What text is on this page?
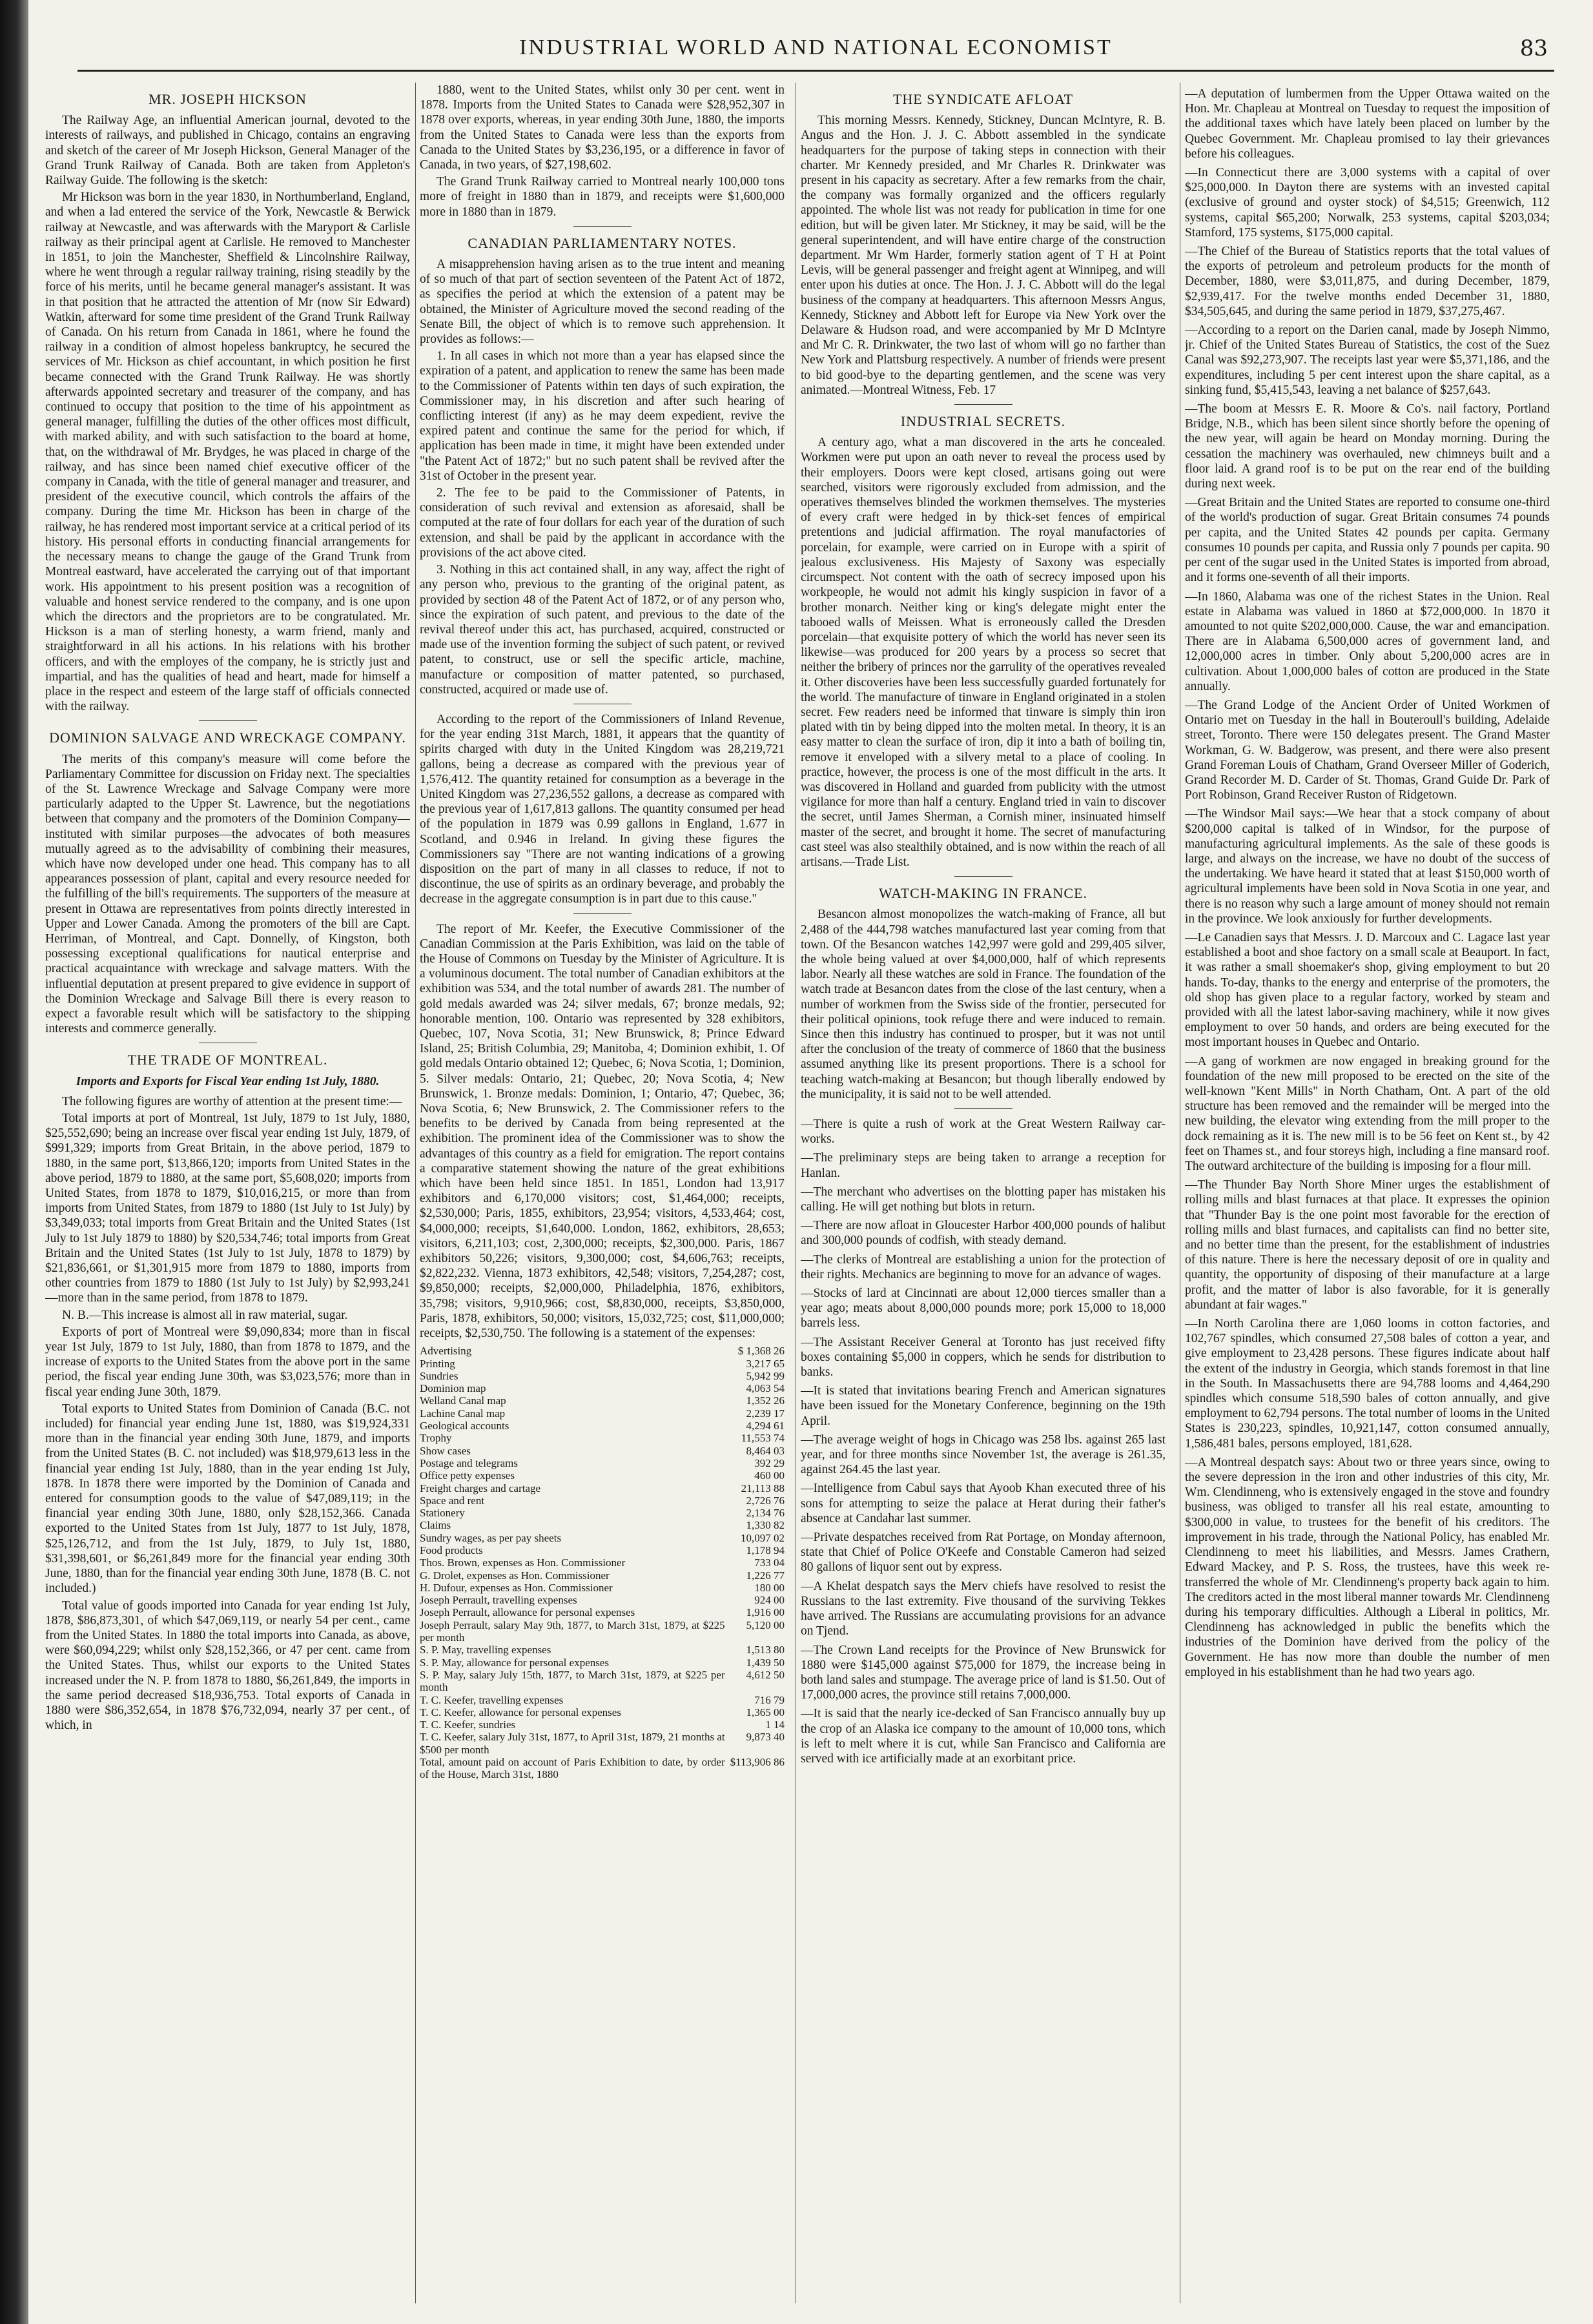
INDUSTRIAL WORLD AND NATIONAL ECONOMIST	83
MR. JOSEPH HICKSON

The Railway Age, an influential American journal, devoted to the interests of railways, and published in Chicago, contains an engraving and sketch of the career of Mr Joseph Hickson, General Manager of the Grand Trunk Railway of Canada. Both are taken from Appleton's Railway Guide. The following is the sketch:

Mr Hickson was born in the year 1830, in Northumberland, England, and when a lad entered the service of the York, Newcastle & Berwick railway at Newcastle, and was afterwards with the Maryport & Carlisle railway as their principal agent at Carlisle. He removed to Manchester in 1851, to join the Manchester, Sheffield & Lincolnshire Railway, where he went through a regular railway training, rising steadily by the force of his merits, until he became general manager's assistant. It was in that position that he attracted the attention of Mr (now Sir Edward) Watkin, afterward for some time president of the Grand Trunk Railway of Canada. On his return from Canada in 1861, where he found the railway in a condition of almost hopeless bankruptcy, he secured the services of Mr. Hickson as chief accountant, in which position he first became connected with the Grand Trunk Railway. He was shortly afterwards appointed secretary and treasurer of the company, and has continued to occupy that position to the time of his appointment as general manager, fulfilling the duties of the other offices most difficult, with marked ability, and with such satisfaction to the board at home, that, on the withdrawal of Mr. Brydges, he was placed in charge of the railway, and has since been named chief executive officer of the company in Canada, with the title of general manager and treasurer, and president of the executive council, which controls the affairs of the company. During the time Mr. Hickson has been in charge of the railway, he has rendered most important service at a critical period of its history. His personal efforts in conducting financial arrangements for the necessary means to change the gauge of the Grand Trunk from Montreal eastward, have accelerated the carrying out of that important work. His appointment to his present position was a recognition of valuable and honest service rendered to the company, and is one upon which the directors and the proprietors are to be congratulated. Mr. Hickson is a man of sterling honesty, a warm friend, manly and straightforward in all his actions. In his relations with his brother officers, and with the employes of the company, he is strictly just and impartial, and has the qualities of head and heart, made for himself a place in the respect and esteem of the large staff of officials connected with the railway.

DOMINION SALVAGE AND WRECKAGE COMPANY.

The merits of this company's measure will come before the Parliamentary Committee for discussion on Friday next. The specialties of the St. Lawrence Wreckage and Salvage Company were more particularly adapted to the Upper St. Lawrence, but the negotiations between that company and the promoters of the Dominion Company—instituted with similar purposes—the advocates of both measures mutually agreed as to the advisability of combining their measures, which have now developed under one head. This company has to all appearances possession of plant, capital and every resource needed for the fulfilling of the bill's requirements. The supporters of the measure at present in Ottawa are representatives from points directly interested in Upper and Lower Canada. Among the promoters of the bill are Capt. Herriman, of Montreal, and Capt. Donnelly, of Kingston, both possessing exceptional qualifications for nautical enterprise and practical acquaintance with wreckage and salvage matters. With the influential deputation at present prepared to give evidence in support of the Dominion Wreckage and Salvage Bill there is every reason to expect a favorable result which will be satisfactory to the shipping interests and commerce generally.

THE TRADE OF MONTREAL.
Imports and Exports for Fiscal Year ending 1st July, 1880.

The following figures are worthy of attention at the present time:—

Total imports at port of Montreal, 1st July, 1879 to 1st July, 1880, $25,552,690; being an increase over fiscal year ending 1st July, 1879, of $991,329; imports from Great Britain, in the above period, 1879 to 1880, in the same port, $13,866,120; imports from United States in the above period, 1879 to 1880, at the same port, $5,608,020; imports from United States, from 1878 to 1879, $10,016,215, or more than from imports from United States, from 1879 to 1880 (1st July to 1st July) by $3,349,033; total imports from Great Britain and the United States (1st July to 1st July 1879 to 1880) by $20,534,746; total imports from Great Britain and the United States (1st July to 1st July, 1878 to 1879) by $21,836,661, or $1,301,915 more from 1879 to 1880, imports from other countries from 1879 to 1880 (1st July to 1st July) by $2,993,241—more than in the same period, from 1878 to 1879.

N. B.—This increase is almost all in raw material, sugar.

Exports of port of Montreal were $9,090,834; more than in fiscal year 1st July, 1879 to 1st July, 1880, than from 1878 to 1879, and the increase of exports to the United States from the above port in the same period, the fiscal year ending June 30th, was $3,023,576; more than in fiscal year ending June 30th, 1879.

Total exports to United States from Dominion of Canada (B.C. not included) for financial year ending June 1st, 1880, was $19,924,331 more than in the financial year ending 30th June, 1879, and imports from the United States (B. C. not included) was $18,979,613 less in the financial year ending 1st July, 1880, than in the year ending 1st July, 1878. In 1878 there were imported by the Dominion of Canada and entered for consumption goods to the value of $47,089,119; in the financial year ending 30th June, 1880, only $28,152,366. Canada exported to the United States from 1st July, 1877 to 1st July, 1878, $25,126,712, and from the 1st July, 1879, to July 1st, 1880, $31,398,601, or $6,261,849 more for the financial year ending 30th June, 1880, than for the financial year ending 30th June, 1878 (B. C. not included.)

Total value of goods imported into Canada for year ending 1st July, 1878, $86,873,301, of which $47,069,119, or nearly 54 per cent., came from the United States. In 1880 the total imports into Canada, as above, were $60,094,229; whilst only $28,152,366, or 47 per cent. came from the United States. Thus, whilst our exports to the United States increased under the N. P. from 1878 to 1880, $6,261,849, the imports in the same period decreased $18,936,753. Total exports of Canada in 1880 were $86,352,654, in 1878 $76,732,094, nearly 37 per cent., of which, in

1880, went to the United States, whilst only 30 per cent. went in 1878. Imports from the United States to Canada were $28,952,307 in 1878 over exports, whereas, in year ending 30th June, 1880, the imports from the United States to Canada were less than the exports from Canada to the United States by $3,236,195, or a difference in favor of Canada, in two years, of $27,198,602.

The Grand Trunk Railway carried to Montreal nearly 100,000 tons more of freight in 1880 than in 1879, and receipts were $1,600,000 more in 1880 than in 1879.

CANADIAN PARLIAMENTARY NOTES.

A misapprehension having arisen as to the true intent and meaning of so much of that part of section seventeen of the Patent Act of 1872, as specifies the period at which the extension of a patent may be obtained, the Minister of Agriculture moved the second reading of the Senate Bill, the object of which is to remove such apprehension. It provides as follows:—

1. In all cases in which not more than a year has elapsed since the expiration of a patent, and application to renew the same has been made to the Commissioner of Patents within ten days of such expiration, the Commissioner may, in his discretion and after such hearing of conflicting interest (if any) as he may deem expedient, revive the expired patent and continue the same for the period for which, if application has been made in time, it might have been extended under "the Patent Act of 1872;" but no such patent shall be revived after the 31st of October in the present year.

2. The fee to be paid to the Commissioner of Patents, in consideration of such revival and extension as aforesaid, shall be computed at the rate of four dollars for each year of the duration of such extension, and shall be paid by the applicant in accordance with the provisions of the act above cited.

3. Nothing in this act contained shall, in any way, affect the right of any person who, previous to the granting of the original patent, as provided by section 48 of the Patent Act of 1872, or of any person who, since the expiration of such patent, and previous to the date of the revival thereof under this act, has purchased, acquired, constructed or made use of the invention forming the subject of such patent, or revived patent, to construct, use or sell the specific article, machine, manufacture or composition of matter patented, so purchased, constructed, acquired or made use of.

According to the report of the Commissioners of Inland Revenue, for the year ending 31st March, 1881, it appears that the quantity of spirits charged with duty in the United Kingdom was 28,219,721 gallons, being a decrease as compared with the previous year of 1,576,412. The quantity retained for consumption as a beverage in the United Kingdom was 27,236,552 gallons, a decrease as compared with the previous year of 1,617,813 gallons. The quantity consumed per head of the population in 1879 was 0.99 gallons in England, 1.677 in Scotland, and 0.946 in Ireland. In giving these figures the Commissioners say "There are not wanting indications of a growing disposition on the part of many in all classes to reduce, if not to discontinue, the use of spirits as an ordinary beverage, and probably the decrease in the aggregate consumption is in part due to this cause."

The report of Mr. Keefer, the Executive Commissioner of the Canadian Commission at the Paris Exhibition, was laid on the table of the House of Commons on Tuesday by the Minister of Agriculture. It is a voluminous document. The total number of Canadian exhibitors at the exhibition was 534, and the total number of awards 281. The number of gold medals awarded was 24; silver medals, 67; bronze medals, 92; honorable mention, 100. Ontario was represented by 328 exhibitors, Quebec, 107, Nova Scotia, 31; New Brunswick, 8; Prince Edward Island, 25; British Columbia, 29; Manitoba, 4; Dominion exhibit, 1. Of gold medals Ontario obtained 12; Quebec, 6; Nova Scotia, 1; Dominion, 5. Silver medals: Ontario, 21; Quebec, 20; Nova Scotia, 4; New Brunswick, 1. Bronze medals: Dominion, 1; Ontario, 47; Quebec, 36; Nova Scotia, 6; New Brunswick, 2. The Commissioner refers to the benefits to be derived by Canada from being represented at the exhibition. The prominent idea of the Commissioner was to show the advantages of this country as a field for emigration. The report contains a comparative statement showing the nature of the great exhibitions which have been held since 1851. In 1851, London had 13,917 exhibitors and 6,170,000 visitors; cost, $1,464,000; receipts, $2,530,000; Paris, 1855, exhibitors, 23,954; visitors, 4,533,464; cost, $4,000,000; receipts, $1,640,000. London, 1862, exhibitors, 28,653; visitors, 6,211,103; cost, 2,300,000; receipts, $2,300,000. Paris, 1867 exhibitors 50,226; visitors, 9,300,000; cost, $4,606,763; receipts, $2,822,232. Vienna, 1873 exhibitors, 42,548; visitors, 7,254,287; cost, $9,850,000; receipts, $2,000,000, Philadelphia, 1876, exhibitors, 35,798; visitors, 9,910,966; cost, $8,830,000, receipts, $3,850,000, Paris, 1878, exhibitors, 50,000; visitors, 15,032,725; cost, $11,000,000; receipts, $2,530,750. The following is a statement of the expenses:

Advertising	$ 1,368 26
Printing	3,217 65
Sundries	5,942 99
Dominion map	4,063 54
Welland Canal map	1,352 26
Lachine Canal map	2,239 17
Geological accounts	4,294 61
Trophy	11,553 74
Show cases	8,464 03
Postage and telegrams	392 29
Office petty expenses	460 00
Freight charges and cartage	21,113 88
Space and rent	2,726 76
Stationery	2,134 76
Claims	1,330 82
Sundry wages, as per pay sheets	10,097 02
Food products	1,178 94
Thos. Brown, expenses as Hon. Commissioner	733 04
G. Drolet, expenses as Hon. Commissioner	1,226 77
H. Dufour, expenses as Hon. Commissioner	180 00
Joseph Perrault, travelling expenses	924 00
Joseph Perrault, allowance for personal expenses	1,916 00
Joseph Perrault, salary May 9th, 1877, to March 31st, 1879, at $225 per month	5,120 00
S. P. May, travelling expenses	1,513 80
S. P. May, allowance for personal expenses	1,439 50
S. P. May, salary July 15th, 1877, to March 31st, 1879, at $225 per month	4,612 50
T. C. Keefer, travelling expenses	716 79
T. C. Keefer, allowance for personal expenses	1,365 00
T. C. Keefer, sundries	1 14
T. C. Keefer, salary July 31st, 1877, to April 31st, 1879, 21 months at $500 per month	9,873 40
Total, amount paid on account of Paris Exhibition to date, by order of the House, March 31st, 1880	$113,906 86
THE SYNDICATE AFLOAT

This morning Messrs. Kennedy, Stickney, Duncan McIntyre, R. B. Angus and the Hon. J. J. C. Abbott assembled in the syndicate headquarters for the purpose of taking steps in connection with their charter. Mr Kennedy presided, and Mr Charles R. Drinkwater was present in his capacity as secretary. After a few remarks from the chair, the company was formally organized and the officers regularly appointed. The whole list was not ready for publication in time for one edition, but will be given later. Mr Stickney, it may be said, will be the general superintendent, and will have entire charge of the construction department. Mr Wm Harder, formerly station agent of T H at Point Levis, will be general passenger and freight agent at Winnipeg, and will enter upon his duties at once. The Hon. J. J. C. Abbott will do the legal business of the company at headquarters. This afternoon Messrs Angus, Kennedy, Stickney and Abbott left for Europe via New York over the Delaware & Hudson road, and were accompanied by Mr D McIntyre and Mr C. R. Drinkwater, the two last of whom will go no farther than New York and Plattsburg respectively. A number of friends were present to bid good-bye to the departing gentlemen, and the scene was very animated.—Montreal Witness, Feb. 17

INDUSTRIAL SECRETS.

A century ago, what a man discovered in the arts he concealed. Workmen were put upon an oath never to reveal the process used by their employers. Doors were kept closed, artisans going out were searched, visitors were rigorously excluded from admission, and the operatives themselves blinded the workmen themselves. The mysteries of every craft were hedged in by thick-set fences of empirical pretentions and judicial affirmation. The royal manufactories of porcelain, for example, were carried on in Europe with a spirit of jealous exclusiveness. His Majesty of Saxony was especially circumspect. Not content with the oath of secrecy imposed upon his workpeople, he would not admit his kingly suspicion in favor of a brother monarch. Neither king or king's delegate might enter the tabooed walls of Meissen. What is erroneously called the Dresden porcelain—that exquisite pottery of which the world has never seen its likewise—was produced for 200 years by a process so secret that neither the bribery of princes nor the garrulity of the operatives revealed it. Other discoveries have been less successfully guarded fortunately for the world. The manufacture of tinware in England originated in a stolen secret. Few readers need be informed that tinware is simply thin iron plated with tin by being dipped into the molten metal. In theory, it is an easy matter to clean the surface of iron, dip it into a bath of boiling tin, remove it enveloped with a silvery metal to a place of cooling. In practice, however, the process is one of the most difficult in the arts. It was discovered in Holland and guarded from publicity with the utmost vigilance for more than half a century. England tried in vain to discover the secret, until James Sherman, a Cornish miner, insinuated himself master of the secret, and brought it home. The secret of manufacturing cast steel was also stealthily obtained, and is now within the reach of all artisans.—Trade List.

WATCH-MAKING IN FRANCE.

Besancon almost monopolizes the watch-making of France, all but 2,488 of the 444,798 watches manufactured last year coming from that town. Of the Besancon watches 142,997 were gold and 299,405 silver, the whole being valued at over $4,000,000, half of which represents labor. Nearly all these watches are sold in France. The foundation of the watch trade at Besancon dates from the close of the last century, when a number of workmen from the Swiss side of the frontier, persecuted for their political opinions, took refuge there and were induced to remain. Since then this industry has continued to prosper, but it was not until after the conclusion of the treaty of commerce of 1860 that the business assumed anything like its present proportions. There is a school for teaching watch-making at Besancon; but though liberally endowed by the municipality, it is said not to be well attended.

—There is quite a rush of work at the Great Western Railway car-works.

—The preliminary steps are being taken to arrange a reception for Hanlan.

—The merchant who advertises on the blotting paper has mistaken his calling. He will get nothing but blots in return.

—There are now afloat in Gloucester Harbor 400,000 pounds of halibut and 300,000 pounds of codfish, with steady demand.

—The clerks of Montreal are establishing a union for the protection of their rights. Mechanics are beginning to move for an advance of wages.

—Stocks of lard at Cincinnati are about 12,000 tierces smaller than a year ago; meats about 8,000,000 pounds more; pork 15,000 to 18,000 barrels less.

—The Assistant Receiver General at Toronto has just received fifty boxes containing $5,000 in coppers, which he sends for distribution to banks.

—It is stated that invitations bearing French and American signatures have been issued for the Monetary Conference, beginning on the 19th April.

—The average weight of hogs in Chicago was 258 lbs. against 265 last year, and for three months since November 1st, the average is 261.35, against 264.45 the last year.

—Intelligence from Cabul says that Ayoob Khan executed three of his sons for attempting to seize the palace at Herat during their father's absence at Candahar last summer.

—Private despatches received from Rat Portage, on Monday afternoon, state that Chief of Police O'Keefe and Constable Cameron had seized 80 gallons of liquor sent out by express.

—A Khelat despatch says the Merv chiefs have resolved to resist the Russians to the last extremity. Five thousand of the surviving Tekkes have arrived. The Russians are accumulating provisions for an advance on Tjend.

—The Crown Land receipts for the Province of New Brunswick for 1880 were $145,000 against $75,000 for 1879, the increase being in both land sales and stumpage. The average price of land is $1.50. Out of 17,000,000 acres, the province still retains 7,000,000.

—It is said that the nearly ice-decked of San Francisco annually buy up the crop of an Alaska ice company to the amount of 10,000 tons, which is left to melt where it is cut, while San Francisco and California are served with ice artificially made at an exorbitant price.

—A deputation of lumbermen from the Upper Ottawa waited on the Hon. Mr. Chapleau at Montreal on Tuesday to request the imposition of the additional taxes which have lately been placed on lumber by the Quebec Government. Mr. Chapleau promised to lay their grievances before his colleagues.

—In Connecticut there are 3,000 systems with a capital of over $25,000,000. In Dayton there are systems with an invested capital (exclusive of ground and oyster stock) of $4,515; Greenwich, 112 systems, capital $65,200; Norwalk, 253 systems, capital $203,034; Stamford, 175 systems, $175,000 capital.

—The Chief of the Bureau of Statistics reports that the total values of the exports of petroleum and petroleum products for the month of December, 1880, were $3,011,875, and during December, 1879, $2,939,417. For the twelve months ended December 31, 1880, $34,505,645, and during the same period in 1879, $37,275,467.

—According to a report on the Darien canal, made by Joseph Nimmo, jr. Chief of the United States Bureau of Statistics, the cost of the Suez Canal was $92,273,907. The receipts last year were $5,371,186, and the expenditures, including 5 per cent interest upon the share capital, as a sinking fund, $5,415,543, leaving a net balance of $257,643.

—The boom at Messrs E. R. Moore & Co's. nail factory, Portland Bridge, N.B., which has been silent since shortly before the opening of the new year, will again be heard on Monday morning. During the cessation the machinery was overhauled, new chimneys built and a floor laid. A grand roof is to be put on the rear end of the building during next week.

—Great Britain and the United States are reported to consume one-third of the world's production of sugar. Great Britain consumes 74 pounds per capita, and the United States 42 pounds per capita. Germany consumes 10 pounds per capita, and Russia only 7 pounds per capita. 90 per cent of the sugar used in the United States is imported from abroad, and it forms one-seventh of all their imports.

—In 1860, Alabama was one of the richest States in the Union. Real estate in Alabama was valued in 1860 at $72,000,000. In 1870 it amounted to not quite $202,000,000. Cause, the war and emancipation. There are in Alabama 6,500,000 acres of government land, and 12,000,000 acres in timber. Only about 5,200,000 acres are in cultivation. About 1,000,000 bales of cotton are produced in the State annually.

—The Grand Lodge of the Ancient Order of United Workmen of Ontario met on Tuesday in the hall in Bouteroull's building, Adelaide street, Toronto. There were 150 delegates present. The Grand Master Workman, G. W. Badgerow, was present, and there were also present Grand Foreman Louis of Chatham, Grand Overseer Miller of Goderich, Grand Recorder M. D. Carder of St. Thomas, Grand Guide Dr. Park of Port Robinson, Grand Receiver Ruston of Ridgetown.

—The Windsor Mail says:—We hear that a stock company of about $200,000 capital is talked of in Windsor, for the purpose of manufacturing agricultural implements. As the sale of these goods is large, and always on the increase, we have no doubt of the success of the undertaking. We have heard it stated that at least $150,000 worth of agricultural implements have been sold in Nova Scotia in one year, and there is no reason why such a large amount of money should not remain in the province. We look anxiously for further developments.

—Le Canadien says that Messrs. J. D. Marcoux and C. Lagace last year established a boot and shoe factory on a small scale at Beauport. In fact, it was rather a small shoemaker's shop, giving employment to but 20 hands. To-day, thanks to the energy and enterprise of the promoters, the old shop has given place to a regular factory, worked by steam and provided with all the latest labor-saving machinery, while it now gives employment to over 50 hands, and orders are being executed for the most important houses in Quebec and Ontario.

—A gang of workmen are now engaged in breaking ground for the foundation of the new mill proposed to be erected on the site of the well-known "Kent Mills" in North Chatham, Ont. A part of the old structure has been removed and the remainder will be merged into the new building, the elevator wing extending from the mill proper to the dock remaining as it is. The new mill is to be 56 feet on Kent st., by 42 feet on Thames st., and four storeys high, including a fine mansard roof. The outward architecture of the building is imposing for a flour mill.

—The Thunder Bay North Shore Miner urges the establishment of rolling mills and blast furnaces at that place. It expresses the opinion that "Thunder Bay is the one point most favorable for the erection of rolling mills and blast furnaces, and capitalists can find no better site, and no better time than the present, for the establishment of industries of this nature. There is here the necessary deposit of ore in quality and quantity, the opportunity of disposing of their manufacture at a large profit, and the matter of labor is also favorable, for it is generally abundant at fair wages."

—In North Carolina there are 1,060 looms in cotton factories, and 102,767 spindles, which consumed 27,508 bales of cotton a year, and give employment to 23,428 persons. These figures indicate about half the extent of the industry in Georgia, which stands foremost in that line in the South. In Massachusetts there are 94,788 looms and 4,464,290 spindles which consume 518,590 bales of cotton annually, and give employment to 62,794 persons. The total number of looms in the United States is 230,223, spindles, 10,921,147, cotton consumed annually, 1,586,481 bales, persons employed, 181,628.

—A Montreal despatch says: About two or three years since, owing to the severe depression in the iron and other industries of this city, Mr. Wm. Clendinneng, who is extensively engaged in the stove and foundry business, was obliged to transfer all his real estate, amounting to $300,000 in value, to trustees for the benefit of his creditors. The improvement in his trade, through the National Policy, has enabled Mr. Clendinneng to meet his liabilities, and Messrs. James Crathern, Edward Mackey, and P. S. Ross, the trustees, have this week re-transferred the whole of Mr. Clendinneng's property back again to him. The creditors acted in the most liberal manner towards Mr. Clendinneng during his temporary difficulties. Although a Liberal in politics, Mr. Clendinneng has acknowledged in public the benefits which the industries of the Dominion have derived from the policy of the Government. He has now more than double the number of men employed in his establishment than he had two years ago.
